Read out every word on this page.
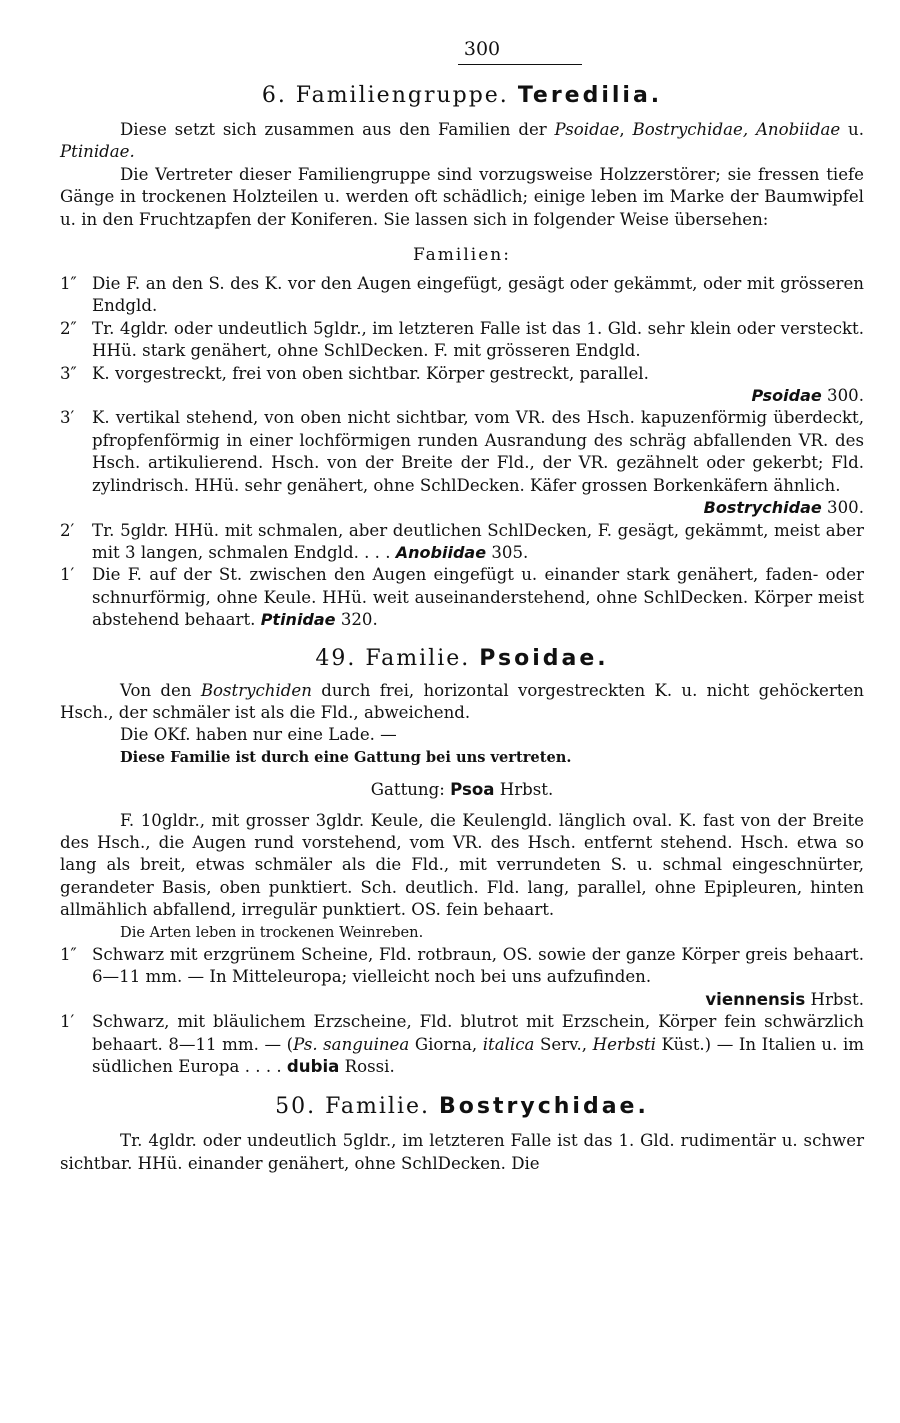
300
6. Familiengruppe. Teredilia.

Diese setzt sich zusammen aus den Familien der Psoidae, Bostrychidae, Anobiidae u. Ptinidae.

Die Vertreter dieser Familiengruppe sind vorzugsweise Holzzerstörer; sie fressen tiefe Gänge in trockenen Holzteilen u. werden oft schädlich; einige leben im Marke der Baumwipfel u. in den Fruchtzapfen der Koniferen. Sie lassen sich in folgender Weise übersehen:

Familien:

1″ Die F. an den S. des K. vor den Augen eingefügt, gesägt oder gekämmt, oder mit grösseren Endgld.

2″ Tr. 4gldr. oder undeutlich 5gldr., im letzteren Falle ist das 1. Gld. sehr klein oder versteckt. HHü. stark genähert, ohne SchlDecken. F. mit grösseren Endgld.

3″ K. vorgestreckt, frei von oben sichtbar. Körper gestreckt, parallel.

Psoidae 300.

3′	K. vertikal stehend, von oben nicht sichtbar, vom VR. des Hsch. kapuzenförmig überdeckt, pfropfenförmig in einer lochförmigen runden Ausrandung des schräg abfallenden VR. des Hsch. artikulierend. Hsch. von der Breite der Fld., der VR. gezähnelt oder gekerbt; Fld. zylindrisch. HHü. sehr genähert, ohne SchlDecken. Käfer grossen Borkenkäfern ähnlich.

Bostrychidae 300.

2′	Tr. 5gldr. HHü. mit schmalen, aber deutlichen SchlDecken, F. gesägt, gekämmt, meist aber mit 3 langen, schmalen Endgld. . . . Anobiidae 305.

1′	Die F. auf der St. zwischen den Augen eingefügt u. einander stark genähert, faden- oder schnurförmig, ohne Keule. HHü. weit auseinanderstehend, ohne SchlDecken. Körper meist abstehend behaart. Ptinidae 320.

49. Familie. Psoidae.

Von den Bostrychiden durch frei, horizontal vorgestreckten K. u. nicht gehöckerten Hsch., der schmäler ist als die Fld., abweichend.

Die OKf. haben nur eine Lade. —

Diese Familie ist durch eine Gattung bei uns vertreten.

Gattung: Psoa Hrbst.

F. 10gldr., mit grosser 3gldr. Keule, die Keulengld. länglich oval. K. fast von der Breite des Hsch., die Augen rund vorstehend, vom VR. des Hsch. entfernt stehend. Hsch. etwa so lang als breit, etwas schmäler als die Fld., mit verrundeten S. u. schmal eingeschnürter, gerandeter Basis, oben punktiert. Sch. deutlich. Fld. lang, parallel, ohne Epipleuren, hinten allmählich abfallend, irregulär punktiert. OS. fein behaart.

Die Arten leben in trockenen Weinreben.

1″ Schwarz mit erzgrünem Scheine, Fld. rotbraun, OS. sowie der ganze Körper greis behaart. 6—11 mm. — In Mitteleuropa; vielleicht noch bei uns aufzufinden.

viennensis Hrbst.

1′	Schwarz, mit bläulichem Erzscheine, Fld. blutrot mit Erzschein, Körper fein schwärzlich behaart. 8—11 mm. — (Ps. sanguinea Giorna, italica Serv., Herbsti Küst.) — In Italien u. im südlichen Europa . . . . dubia Rossi.

50. Familie. Bostrychidae.

Tr. 4gldr. oder undeutlich 5gldr., im letzteren Falle ist das 1. Gld. rudimentär u. schwer sichtbar. HHü. einander genähert, ohne SchlDecken. Die
